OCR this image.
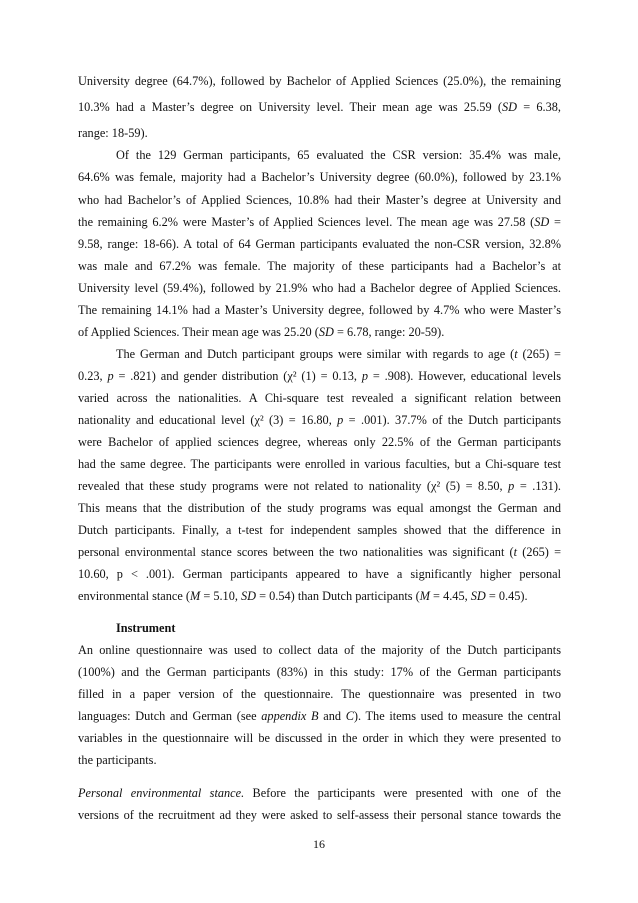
University degree (64.7%), followed by Bachelor of Applied Sciences (25.0%), the remaining
10.3% had a Master’s degree on University level. Their mean age was 25.59 (SD = 6.38,
range: 18-59).
Of the 129 German participants, 65 evaluated the CSR version: 35.4% was male,
64.6% was female, majority had a Bachelor’s University degree (60.0%), followed by 23.1%
who had Bachelor’s of Applied Sciences, 10.8% had their Master’s degree at University and
the remaining 6.2% were Master’s of Applied Sciences level. The mean age was 27.58 (SD =
9.58, range: 18-66). A total of 64 German participants evaluated the non-CSR version, 32.8%
was male and 67.2% was female. The majority of these participants had a Bachelor’s at
University level (59.4%), followed by 21.9% who had a Bachelor degree of Applied Sciences.
The remaining 14.1% had a Master’s University degree, followed by 4.7% who were Master’s
of Applied Sciences. Their mean age was 25.20 (SD = 6.78, range: 20-59).
The German and Dutch participant groups were similar with regards to age (t (265) =
0.23, p = .821) and gender distribution (χ² (1) = 0.13, p = .908). However, educational levels
varied across the nationalities. A Chi-square test revealed a significant relation between
nationality and educational level (χ² (3) = 16.80, p = .001). 37.7% of the Dutch participants
were Bachelor of applied sciences degree, whereas only 22.5% of the German participants
had the same degree. The participants were enrolled in various faculties, but a Chi-square test
revealed that these study programs were not related to nationality (χ² (5) = 8.50, p = .131).
This means that the distribution of the study programs was equal amongst the German and
Dutch participants. Finally, a t-test for independent samples showed that the difference in
personal environmental stance scores between the two nationalities was significant (t (265) =
10.60, p < .001). German participants appeared to have a significantly higher personal
environmental stance (M = 5.10, SD = 0.54) than Dutch participants (M = 4.45, SD = 0.45).
Instrument
An online questionnaire was used to collect data of the majority of the Dutch participants
(100%) and the German participants (83%) in this study: 17% of the German participants
filled in a paper version of the questionnaire. The questionnaire was presented in two
languages: Dutch and German (see appendix B and C). The items used to measure the central
variables in the questionnaire will be discussed in the order in which they were presented to
the participants.
Personal environmental stance. Before the participants were presented with one of the
versions of the recruitment ad they were asked to self-assess their personal stance towards the
16
